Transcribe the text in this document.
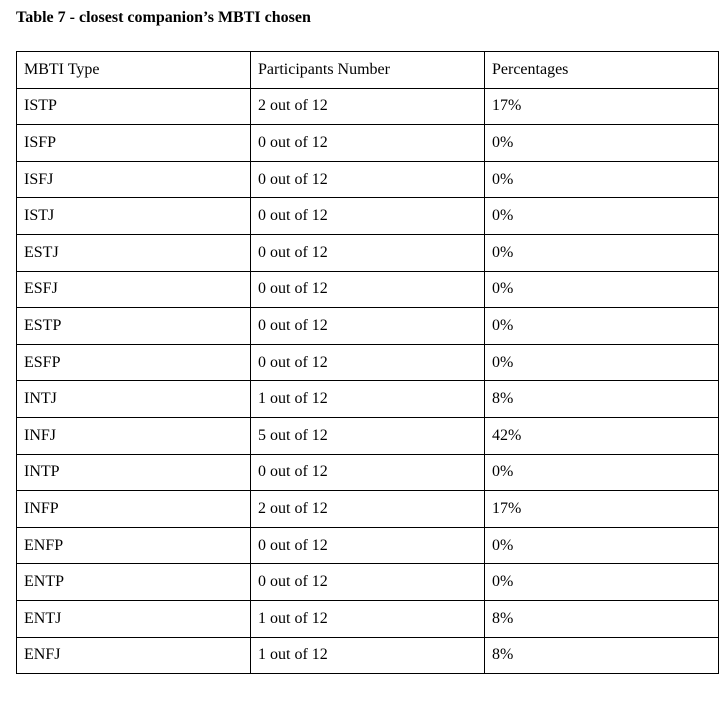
Table 7 - closest companion’s MBTI chosen
MBTI Type	Participants Number	Percentages
ISTP	2 out of 12	17%
ISFP	0 out of 12	0%
ISFJ	0 out of 12	0%
ISTJ	0 out of 12	0%
ESTJ	0 out of 12	0%
ESFJ	0 out of 12	0%
ESTP	0 out of 12	0%
ESFP	0 out of 12	0%
INTJ	1 out of 12	8%
INFJ	5 out of 12	42%
INTP	0 out of 12	0%
INFP	2 out of 12	17%
ENFP	0 out of 12	0%
ENTP	0 out of 12	0%
ENTJ	1 out of 12	8%
ENFJ	1 out of 12	8%
